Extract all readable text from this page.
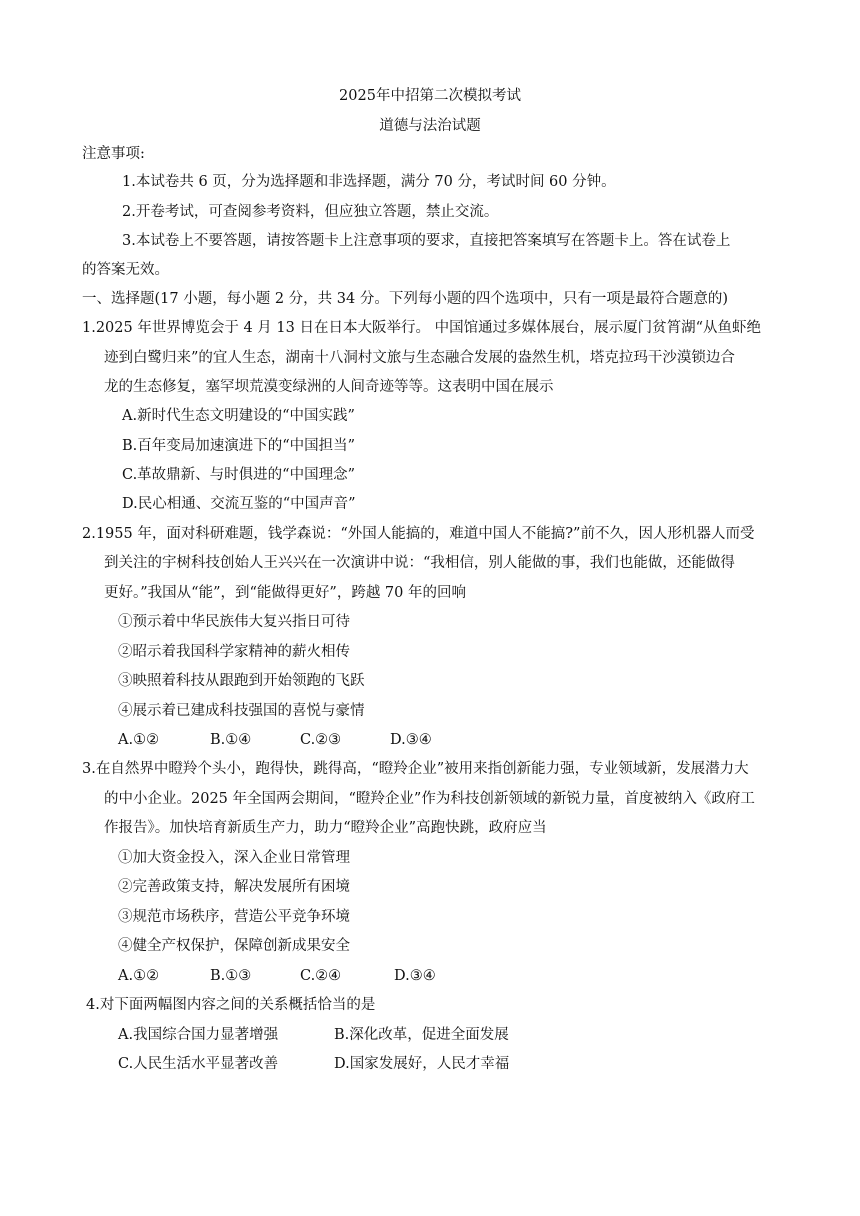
2025年中招第二次模拟考试
道德与法治试题
注意事项:
1.本试卷共 6 页，分为选择题和非选择题，满分 70 分，考试时间 60 分钟。
2.开卷考试，可查阅参考资料，但应独立答题，禁止交流。
3.本试卷上不要答题，请按答题卡上注意事项的要求，直接把答案填写在答题卡上。答在试卷上
的答案无效。
一、选择题(17 小题，每小题 2 分，共 34 分。下列每小题的四个选项中，只有一项是最符合题意的)
1.2025 年世界博览会于 4 月 13 日在日本大阪举行。 中国馆通过多媒体展台，展示厦门贫筲湖“从鱼虾绝
迹到白鹭归来”的宜人生态，湖南十八洞村文旅与生态融合发展的盎然生机，塔克拉玛干沙漠锁边合
龙的生态修复，塞罕坝荒漠变绿洲的人间奇迹等等。这表明中国在展示
A.新时代生态文明建设的“中国实践”
B.百年变局加速演进下的“中国担当”
C.革故鼎新、与时俱进的“中国理念”
D.民心相通、交流互鉴的“中国声音”
2.1955 年，面对科研难题，钱学森说：“外国人能搞的，难道中国人不能搞?”前不久，因人形机器人而受
到关注的宇树科技创始人王兴兴在一次演讲中说：“我相信，别人能做的事，我们也能做，还能做得
更好。”我国从“能”，到“能做得更好”，跨越 70 年的回响
①预示着中华民族伟大复兴指日可待
②昭示着我国科学家精神的薪火相传
③映照着科技从跟跑到开始领跑的飞跃
④展示着已建成科技强国的喜悦与豪情
A.①②	B.①④	C.②③	D.③④
3.在自然界中瞪羚个头小，跑得快，跳得高，“瞪羚企业”被用来指创新能力强，专业领域新，发展潜力大
的中小企业。2025 年全国两会期间，“瞪羚企业”作为科技创新领域的新锐力量，首度被纳入《政府工
作报告》。加快培育新质生产力，助力“瞪羚企业”高跑快跳，政府应当
①加大资金投入，深入企业日常管理
②完善政策支持，解决发展所有困境
③规范市场秩序，营造公平竞争环境
④健全产权保护，保障创新成果安全
A.①②	B.①③	C.②④	D.③④
4.对下面两幅图内容之间的关系概括恰当的是
A.我国综合国力显著增强	B.深化改革，促进全面发展
C.人民生活水平显著改善	D.国家发展好，人民才幸福
